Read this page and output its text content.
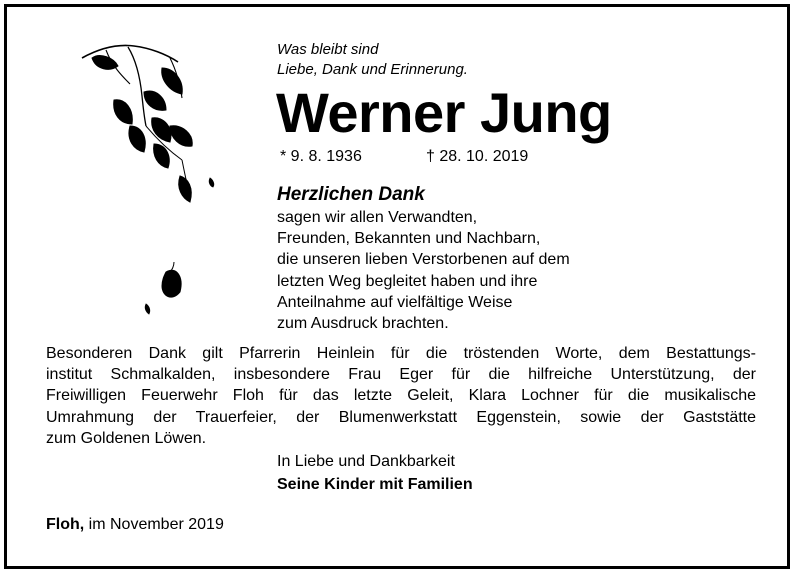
Was bleibt sind
Liebe, Dank und Erinnerung.
Werner Jung
* 9. 8. 1936	† 28. 10. 2019
Herzlichen Dank
sagen wir allen Verwandten,
Freunden, Bekannten und Nachbarn,
die unseren lieben Verstorbenen auf dem
letzten Weg begleitet haben und ihre
Anteilnahme auf vielfältige Weise
zum Ausdruck brachten.
Besonderen Dank gilt Pfarrerin Heinlein für die tröstenden Worte, dem Bestattungs-
institut Schmalkalden, insbesondere Frau Eger für die hilfreiche Unterstützung, der
Freiwilligen Feuerwehr Floh für das letzte Geleit, Klara Lochner für die musikalische
Umrahmung der Trauerfeier, der Blumenwerkstatt Eggenstein, sowie der Gaststätte
zum Goldenen Löwen.
In Liebe und Dankbarkeit
Seine Kinder mit Familien
Floh, im November 2019
